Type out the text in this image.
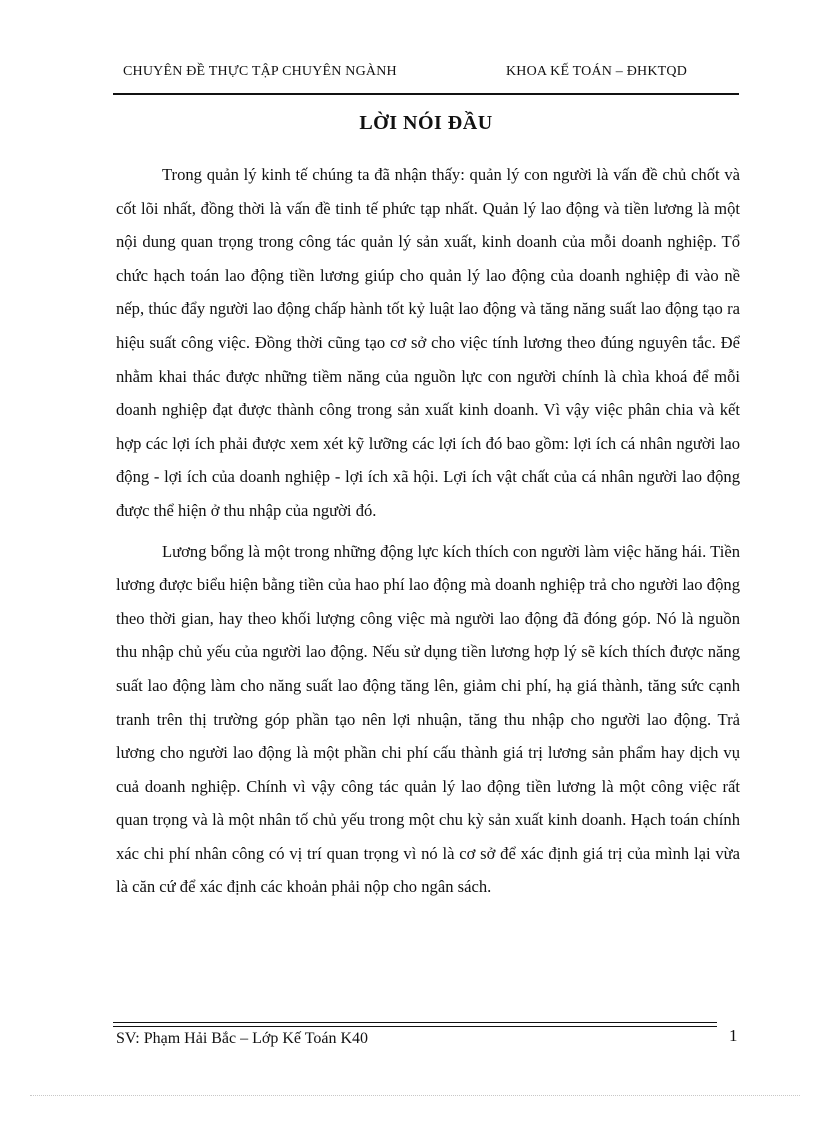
CHUYÊN ĐỀ THỰC TẬP CHUYÊN NGÀNH	KHOA KẾ TOÁN – ĐHKTQD
LỜI NÓI ĐẦU

Trong quản lý kinh tế chúng ta đã nhận thấy: quản lý con người là vấn đề chủ chốt và cốt lõi nhất, đồng thời là vấn đề tinh tế phức tạp nhất. Quản lý lao động và tiền lương là một nội dung quan trọng trong công tác quản lý sản xuất, kinh doanh của mỗi doanh nghiệp. Tổ chức hạch toán lao động tiền lương giúp cho quản lý lao động của doanh nghiệp đi vào nề nếp, thúc đẩy người lao động chấp hành tốt kỷ luật lao động và tăng năng suất lao động tạo ra hiệu suất công việc. Đồng thời cũng tạo cơ sở cho việc tính lương theo đúng nguyên tắc. Để nhằm khai thác được những tiềm năng của nguồn lực con người chính là chìa khoá để mỗi doanh nghiệp đạt được thành công trong sản xuất kinh doanh. Vì vậy việc phân chia và kết hợp các lợi ích phải được xem xét kỹ lưỡng các lợi ích đó bao gồm: lợi ích cá nhân người lao động - lợi ích của doanh nghiệp - lợi ích xã hội. Lợi ích vật chất của cá nhân người lao động được thể hiện ở thu nhập của người đó.

Lương bổng là một trong những động lực kích thích con người làm việc hăng hái. Tiền lương được biểu hiện bằng tiền của hao phí lao động mà doanh nghiệp trả cho người lao động theo thời gian, hay theo khối lượng công việc mà người lao động đã đóng góp. Nó là nguồn thu nhập chủ yếu của người lao động. Nếu sử dụng tiền lương hợp lý sẽ kích thích được năng suất lao động làm cho năng suất lao động tăng lên, giảm chi phí, hạ giá thành, tăng sức cạnh tranh trên thị trường góp phần tạo nên lợi nhuận, tăng thu nhập cho người lao động. Trả lương cho người lao động là một phần chi phí cấu thành giá trị lương sản phẩm hay dịch vụ cuả doanh nghiệp. Chính vì vậy công tác quản lý lao động tiền lương là một công việc rất quan trọng và là một nhân tố chủ yếu trong một chu kỳ sản xuất kinh doanh. Hạch toán chính xác chi phí nhân công có vị trí quan trọng vì nó là cơ sở để xác định giá trị của mình lại vừa là căn cứ để xác định các khoản phải nộp cho ngân sách.

SV: Phạm Hải Bắc – Lớp Kế Toán K40	1
